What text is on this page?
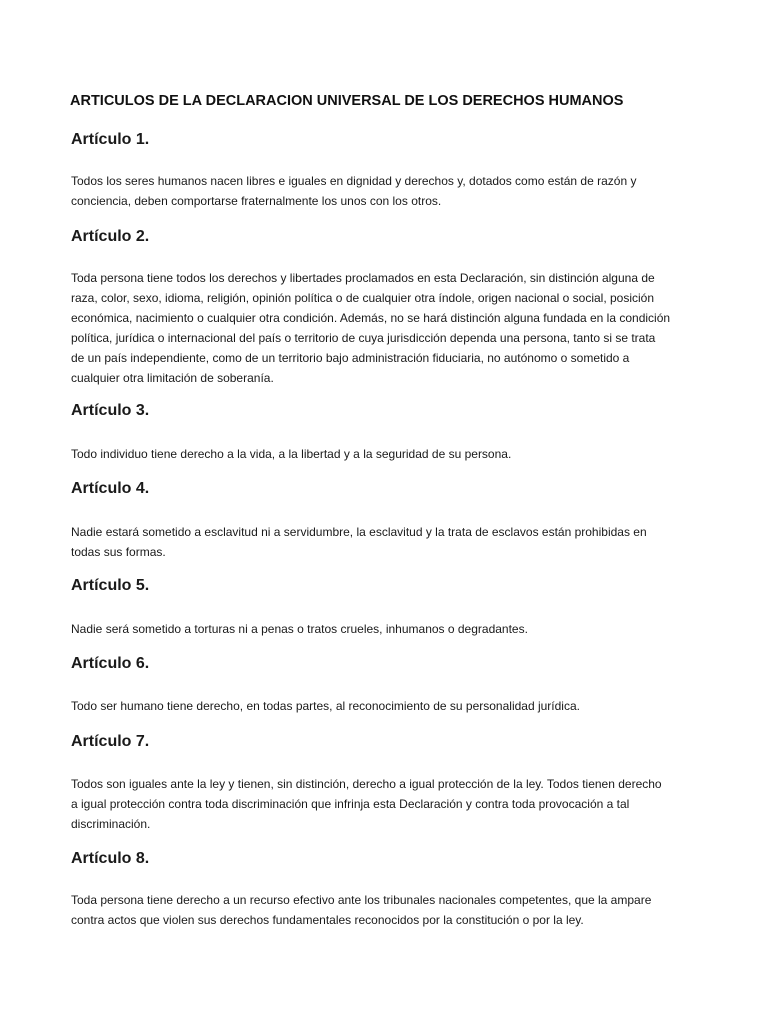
ARTICULOS DE LA DECLARACION UNIVERSAL DE LOS DERECHOS HUMANOS
Artículo 1.

Todos los seres humanos nacen libres e iguales en dignidad y derechos y, dotados como están de razón y conciencia, deben comportarse fraternalmente los unos con los otros.

Artículo 2.

Toda persona tiene todos los derechos y libertades proclamados en esta Declaración, sin distinción alguna de raza, color, sexo, idioma, religión, opinión política o de cualquier otra índole, origen nacional o social, posición económica, nacimiento o cualquier otra condición. Además, no se hará distinción alguna fundada en la condición política, jurídica o internacional del país o territorio de cuya jurisdicción dependa una persona, tanto si se trata de un país independiente, como de un territorio bajo administración fiduciaria, no autónomo o sometido a cualquier otra limitación de soberanía.

Artículo 3.

Todo individuo tiene derecho a la vida, a la libertad y a la seguridad de su persona.

Artículo 4.

Nadie estará sometido a esclavitud ni a servidumbre, la esclavitud y la trata de esclavos están prohibidas en todas sus formas.

Artículo 5.

Nadie será sometido a torturas ni a penas o tratos crueles, inhumanos o degradantes.

Artículo 6.

Todo ser humano tiene derecho, en todas partes, al reconocimiento de su personalidad jurídica.

Artículo 7.

Todos son iguales ante la ley y tienen, sin distinción, derecho a igual protección de la ley. Todos tienen derecho a igual protección contra toda discriminación que infrinja esta Declaración y contra toda provocación a tal discriminación.

Artículo 8.

Toda persona tiene derecho a un recurso efectivo ante los tribunales nacionales competentes, que la ampare contra actos que violen sus derechos fundamentales reconocidos por la constitución o por la ley.
